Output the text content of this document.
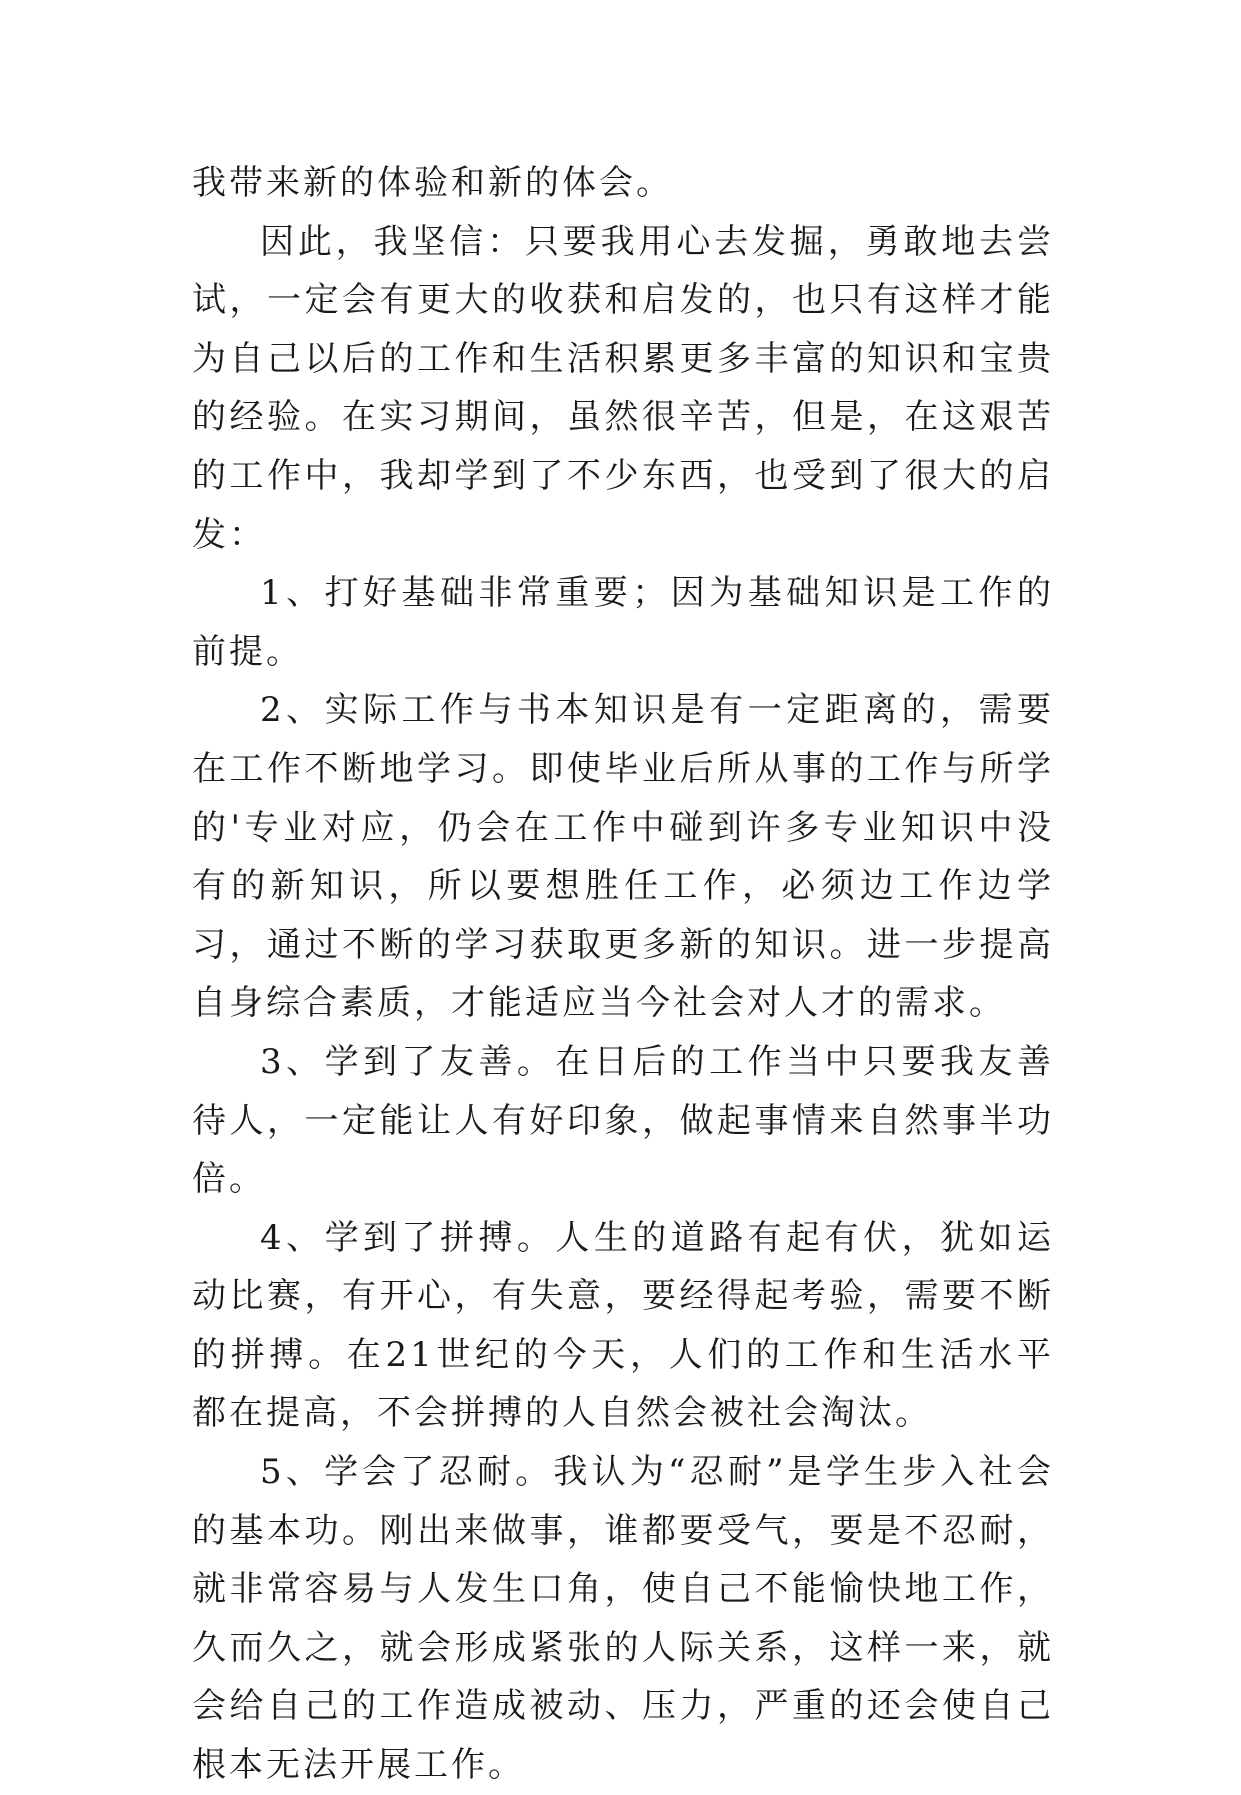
我带来新的体验和新的体会。

因此，我坚信：只要我用心去发掘，勇敢地去尝试，一定会有更大的收获和启发的，也只有这样才能为自己以后的工作和生活积累更多丰富的知识和宝贵的经验。在实习期间，虽然很辛苦，但是，在这艰苦的工作中，我却学到了不少东西，也受到了很大的启发：

1、打好基础非常重要；因为基础知识是工作的前提。

2、实际工作与书本知识是有一定距离的，需要在工作不断地学习。即使毕业后所从事的工作与所学的'专业对应，仍会在工作中碰到许多专业知识中没有的新知识，所以要想胜任工作，必须边工作边学习，通过不断的学习获取更多新的知识。进一步提高自身综合素质，才能适应当今社会对人才的需求。

3、学到了友善。在日后的工作当中只要我友善待人，一定能让人有好印象，做起事情来自然事半功倍。

4、学到了拼搏。人生的道路有起有伏，犹如运动比赛，有开心，有失意，要经得起考验，需要不断的拼搏。在21世纪的今天，人们的工作和生活水平都在提高，不会拼搏的人自然会被社会淘汰。

5、学会了忍耐。我认为“忍耐”是学生步入社会的基本功。刚出来做事，谁都要受气，要是不忍耐，就非常容易与人发生口角，使自己不能愉快地工作，久而久之，就会形成紧张的人际关系，这样一来，就会给自己的工作造成被动、压力，严重的还会使自己根本无法开展工作。
